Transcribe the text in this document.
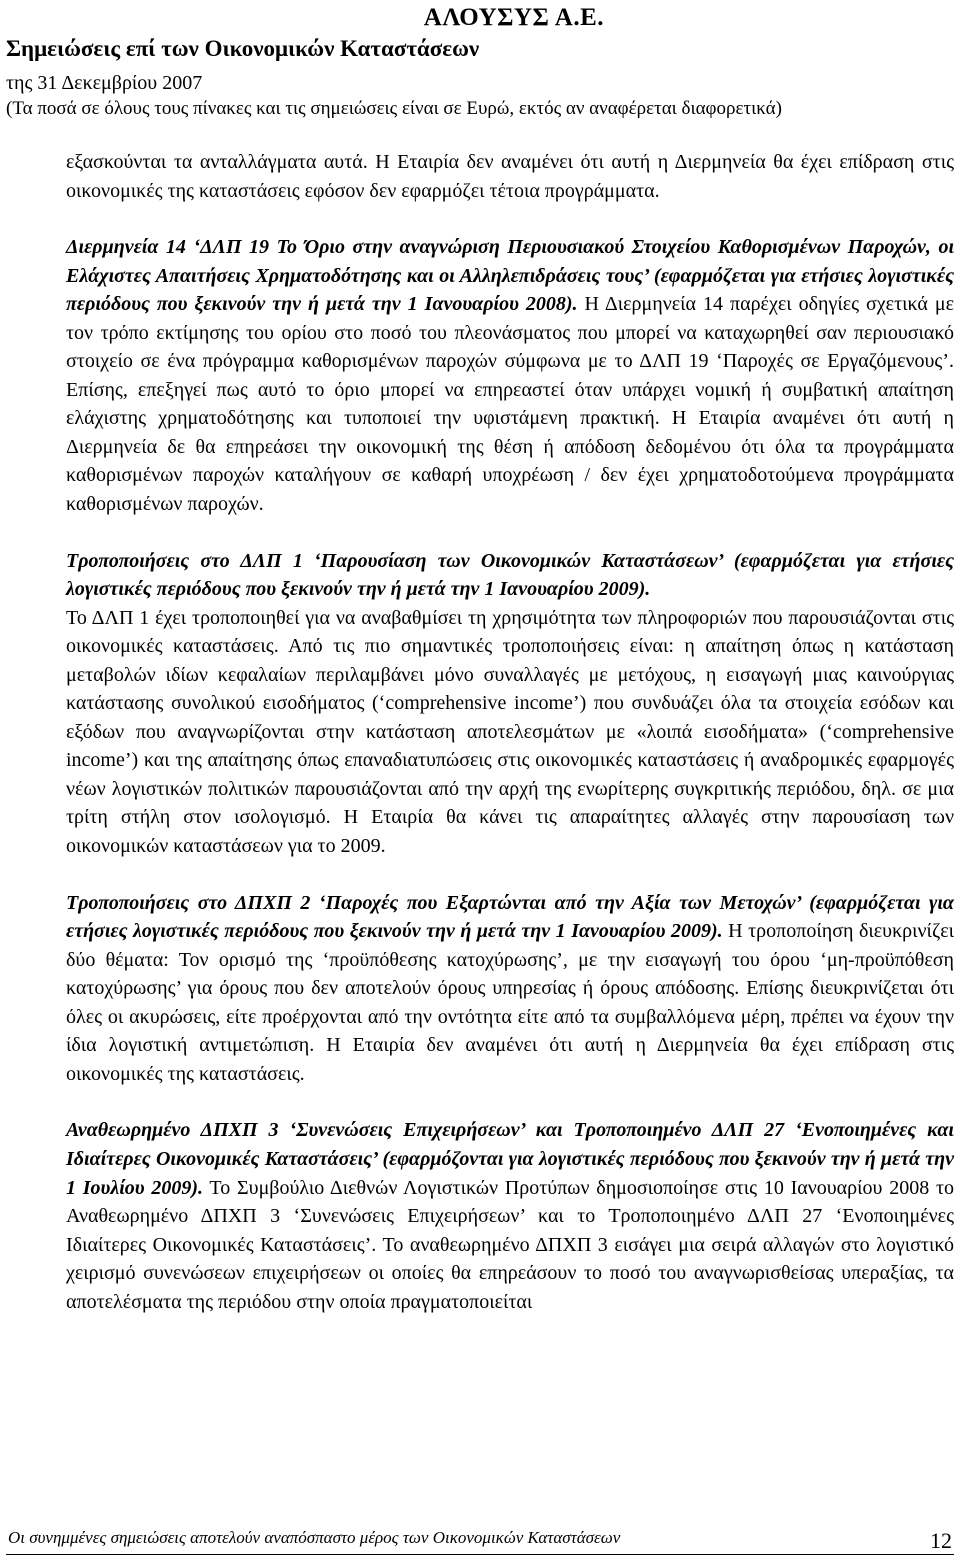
ΑΛΟΥΣΥΣ Α.Ε.
Σημειώσεις επί των Οικονομικών Καταστάσεων
της 31 Δεκεμβρίου 2007
(Τα ποσά σε όλους τους πίνακες και τις σημειώσεις είναι σε Ευρώ, εκτός αν αναφέρεται διαφορετικά)

εξασκούνται τα ανταλλάγματα αυτά. Η Εταιρία δεν αναμένει ότι αυτή η Διερμηνεία θα έχει επίδραση στις οικονομικές της καταστάσεις εφόσον δεν εφαρμόζει τέτοια προγράμματα.

Διερμηνεία 14 ‘ΔΛΠ 19 Το Όριο στην αναγνώριση Περιουσιακού Στοιχείου Καθορισμένων Παροχών, οι Ελάχιστες Απαιτήσεις Χρηματοδότησης και οι Αλληλεπιδράσεις τους’ (εφαρμόζεται για ετήσιες λογιστικές περιόδους που ξεκινούν την ή μετά την 1 Ιανουαρίου 2008). Η Διερμηνεία 14 παρέχει οδηγίες σχετικά με τον τρόπο εκτίμησης του ορίου στο ποσό του πλεονάσματος που μπορεί να καταχωρηθεί σαν περιουσιακό στοιχείο σε ένα πρόγραμμα καθορισμένων παροχών σύμφωνα με το ΔΛΠ 19 ‘Παροχές σε Εργαζόμενους’. Επίσης, επεξηγεί πως αυτό το όριο μπορεί να επηρεαστεί όταν υπάρχει νομική ή συμβατική απαίτηση ελάχιστης χρηματοδότησης και τυποποιεί την υφιστάμενη πρακτική. Η Εταιρία αναμένει ότι αυτή η Διερμηνεία δε θα επηρεάσει την οικονομική της θέση ή απόδοση δεδομένου ότι όλα τα προγράμματα καθορισμένων παροχών καταλήγουν σε καθαρή υποχρέωση / δεν έχει χρηματοδοτούμενα προγράμματα καθορισμένων παροχών.

Τροποποιήσεις στο ΔΛΠ 1 ‘Παρουσίαση των Οικονομικών Καταστάσεων’ (εφαρμόζεται για ετήσιες λογιστικές περιόδους που ξεκινούν την ή μετά την 1 Ιανουαρίου 2009).
Το ΔΛΠ 1 έχει τροποποιηθεί για να αναβαθμίσει τη χρησιμότητα των πληροφοριών που παρουσιάζονται στις οικονομικές καταστάσεις. Από τις πιο σημαντικές τροποποιήσεις είναι: η απαίτηση όπως η κατάσταση μεταβολών ιδίων κεφαλαίων περιλαμβάνει μόνο συναλλαγές με μετόχους, η εισαγωγή μιας καινούργιας κατάστασης συνολικού εισοδήματος (‘comprehensive income’) που συνδυάζει όλα τα στοιχεία εσόδων και εξόδων που αναγνωρίζονται στην κατάσταση αποτελεσμάτων με «λοιπά εισοδήματα» (‘comprehensive income’) και της απαίτησης όπως επαναδιατυπώσεις στις οικονομικές καταστάσεις ή αναδρομικές εφαρμογές νέων λογιστικών πολιτικών παρουσιάζονται από την αρχή της ενωρίτερης συγκριτικής περιόδου, δηλ. σε μια τρίτη στήλη στον ισολογισμό. Η Εταιρία θα κάνει τις απαραίτητες αλλαγές στην παρουσίαση των οικονομικών καταστάσεων για το 2009.

Τροποποιήσεις στο ΔΠΧΠ 2 ‘Παροχές που Εξαρτώνται από την Αξία των Μετοχών’ (εφαρμόζεται για ετήσιες λογιστικές περιόδους που ξεκινούν την ή μετά την 1 Ιανουαρίου 2009). Η τροποποίηση διευκρινίζει δύο θέματα: Τον ορισμό της ‘προϋπόθεσης κατοχύρωσης’, με την εισαγωγή του όρου ‘μη-προϋπόθεση κατοχύρωσης’ για όρους που δεν αποτελούν όρους υπηρεσίας ή όρους απόδοσης. Επίσης διευκρινίζεται ότι όλες οι ακυρώσεις, είτε προέρχονται από την οντότητα είτε από τα συμβαλλόμενα μέρη, πρέπει να έχουν την ίδια λογιστική αντιμετώπιση. Η Εταιρία δεν αναμένει ότι αυτή η Διερμηνεία θα έχει επίδραση στις οικονομικές της καταστάσεις.

Αναθεωρημένο ΔΠΧΠ 3 ‘Συνενώσεις Επιχειρήσεων’ και Τροποποιημένο ΔΛΠ 27 ‘Ενοποιημένες και Ιδιαίτερες Οικονομικές Καταστάσεις’ (εφαρμόζονται για λογιστικές περιόδους που ξεκινούν την ή μετά την 1 Ιουλίου 2009). Το Συμβούλιο Διεθνών Λογιστικών Προτύπων δημοσιοποίησε στις 10 Ιανουαρίου 2008 το Αναθεωρημένο ΔΠΧΠ 3 ‘Συνενώσεις Επιχειρήσεων’ και το Τροποποιημένο ΔΛΠ 27 ‘Ενοποιημένες Ιδιαίτερες Οικονομικές Καταστάσεις’. Το αναθεωρημένο ΔΠΧΠ 3 εισάγει μια σειρά αλλαγών στο λογιστικό χειρισμό συνενώσεων επιχειρήσεων οι οποίες θα επηρεάσουν το ποσό του αναγνωρισθείσας υπεραξίας, τα αποτελέσματα της περιόδου στην οποία πραγματοποιείται

Οι συνημμένες σημειώσεις αποτελούν αναπόσπαστο μέρος των Οικονομικών Καταστάσεων	12
